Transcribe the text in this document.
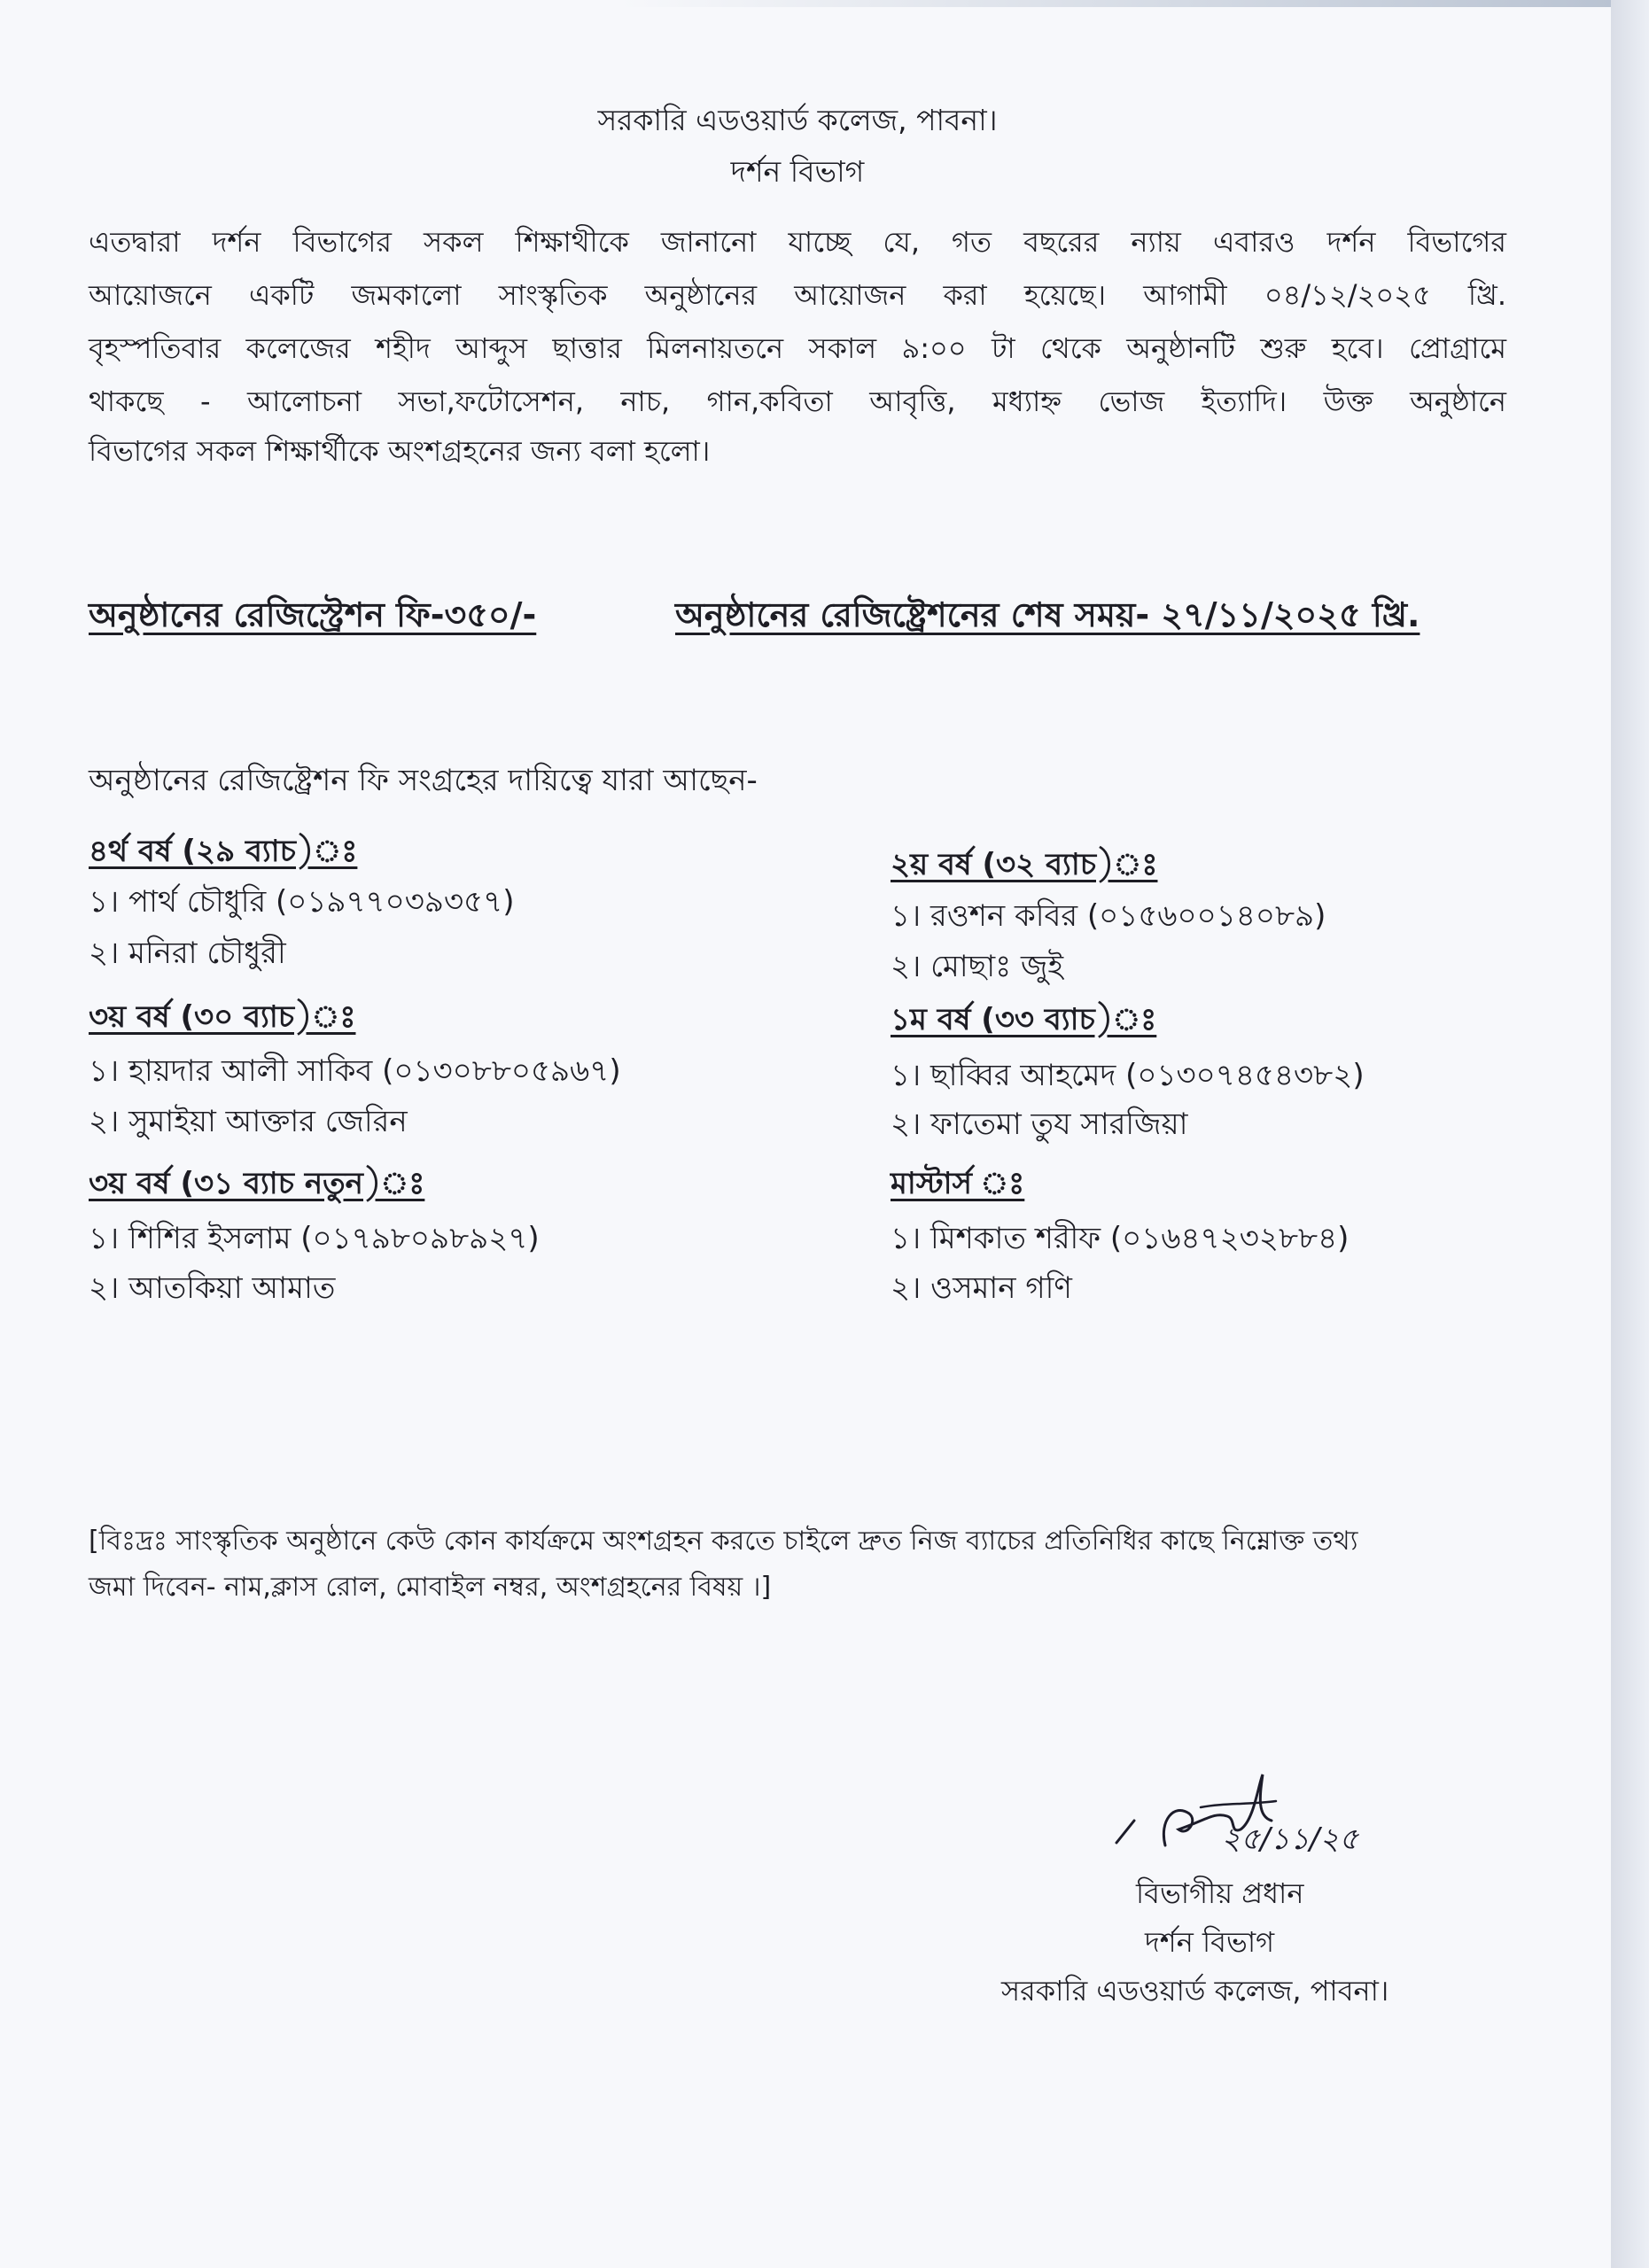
সরকারি এডওয়ার্ড কলেজ, পাবনা।
দর্শন বিভাগ
এতদ্বারা দর্শন বিভাগের সকল শিক্ষাথীকে জানানো যাচ্ছে যে, গত বছরের ন্যায় এবারও দর্শন বিভাগের
আয়োজনে একটি জমকালো সাংস্কৃতিক অনুষ্ঠানের আয়োজন করা হয়েছে। আগামী ০৪/১২/২০২৫ খ্রি.
বৃহস্পতিবার কলেজের শহীদ আব্দুস ছাত্তার মিলনায়তনে সকাল ৯:০০ টা থেকে অনুষ্ঠানটি শুরু হবে। প্রোগ্রামে
থাকছে - আলোচনা সভা,ফটোসেশন, নাচ, গান,কবিতা আবৃত্তি, মধ্যাহ্ন ভোজ ইত্যাদি। উক্ত অনুষ্ঠানে
বিভাগের সকল শিক্ষার্থীকে অংশগ্রহনের জন্য বলা হলো।
অনুষ্ঠানের রেজিস্ট্রেশন ফি-৩৫০/-	অনুষ্ঠানের রেজিষ্ট্রেশনের শেষ সময়- ২৭/১১/২০২৫ খ্রি.
অনুষ্ঠানের রেজিষ্ট্রেশন ফি সংগ্রহের দায়িত্বে যারা আছেন-
৪র্থ বর্ষ (২৯ ব্যাচ)ঃ
১। পার্থ চৌধুরি (০১৯৭৭০৩৯৩৫৭)
২। মনিরা চৌধুরী
৩য় বর্ষ (৩০ ব্যাচ)ঃ
১। হায়দার আলী সাকিব (০১৩০৮৮০৫৯৬৭)
২। সুমাইয়া আক্তার জেরিন
৩য় বর্ষ (৩১ ব্যাচ নতুন)ঃ
১। শিশির ইসলাম (০১৭৯৮০৯৮৯২৭)
২। আতকিয়া আমাত
২য় বর্ষ (৩২ ব্যাচ)ঃ
১। রওশন কবির (০১৫৬০০১৪০৮৯)
২। মোছাঃ জুই
১ম বর্ষ (৩৩ ব্যাচ)ঃ
১। ছাব্বির আহমেদ (০১৩০৭৪৫৪৩৮২)
২। ফাতেমা তুয সারজিয়া
মাস্টার্স ঃ
১। মিশকাত শরীফ (০১৬৪৭২৩২৮৮৪)
২। ওসমান গণি
[বিঃদ্রঃ সাংস্কৃতিক অনুষ্ঠানে কেউ কোন কার্যক্রমে অংশগ্রহন করতে চাইলে দ্রুত নিজ ব্যাচের প্রতিনিধির কাছে নিম্নোক্ত তথ্য
জমা দিবেন- নাম,ক্লাস রোল, মোবাইল নম্বর, অংশগ্রহনের বিষয় ।]
২৫/১১/২৫
বিভাগীয় প্রধান
দর্শন বিভাগ
সরকারি এডওয়ার্ড কলেজ, পাবনা।
